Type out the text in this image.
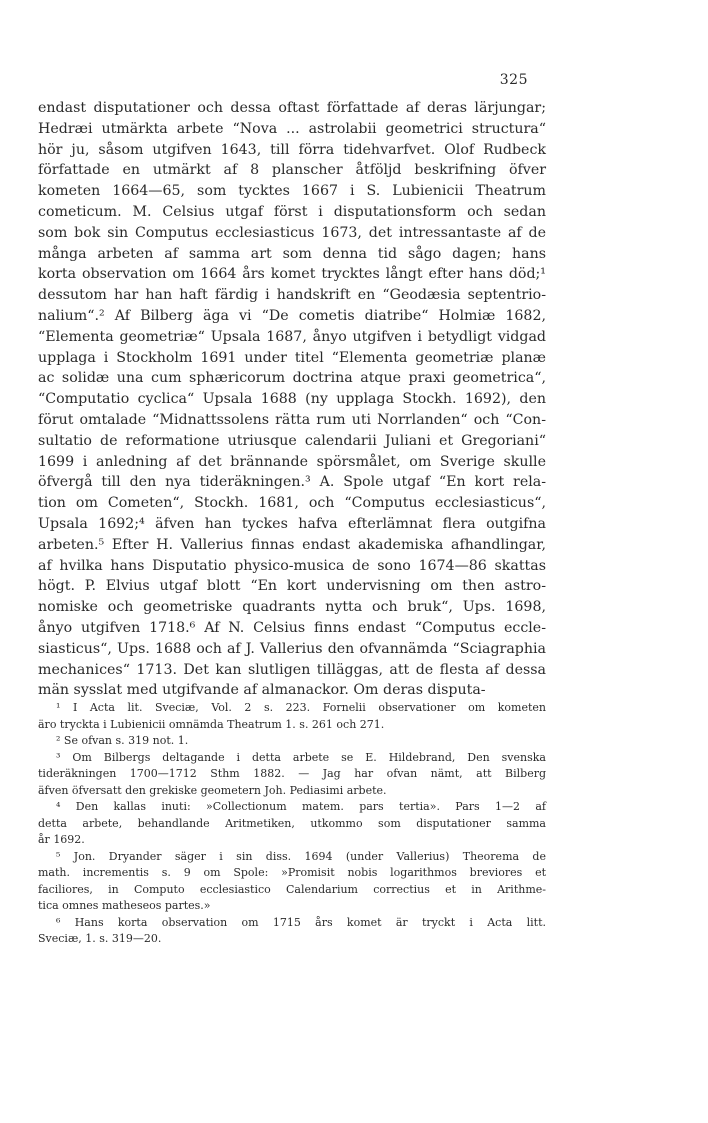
325
endast disputationer och dessa oftast författade af deras lärjungar;
Hedræi utmärkta arbete “Nova ... astrolabii geometrici structura“
hör ju, såsom utgifven 1643, till förra tidehvarfvet. Olof Rudbeck
författade en utmärkt af 8 planscher åtföljd beskrifning öfver
kometen 1664—65, som tycktes 1667 i S. Lubienicii Theatrum
cometicum. M. Celsius utgaf först i disputationsform och sedan
som bok sin Computus ecclesiasticus 1673, det intressantaste af de
många arbeten af samma art som denna tid sågo dagen; hans
korta observation om 1664 års komet trycktes långt efter hans död;¹
dessutom har han haft färdig i handskrift en “Geodæsia septentrio-
nalium“.² Af Bilberg äga vi “De cometis diatribe“ Holmiæ 1682,
“Elementa geometriæ“ Upsala 1687, ånyo utgifven i betydligt vidgad
upplaga i Stockholm 1691 under titel “Elementa geometriæ planæ
ac solidæ una cum sphæricorum doctrina atque praxi geometrica“,
“Computatio cyclica“ Upsala 1688 (ny upplaga Stockh. 1692), den
förut omtalade “Midnattssolens rätta rum uti Norrlanden“ och “Con-
sultatio de reformatione utriusque calendarii Juliani et Gregoriani“
1699 i anledning af det brännande spörsmålet, om Sverige skulle
öfvergå till den nya tideräkningen.³ A. Spole utgaf “En kort rela-
tion om Cometen“, Stockh. 1681, och “Computus ecclesiasticus“,
Upsala 1692;⁴ äfven han tyckes hafva efterlämnat flera outgifna
arbeten.⁵ Efter H. Vallerius finnas endast akademiska afhandlingar,
af hvilka hans Disputatio physico-musica de sono 1674—86 skattas
högt. P. Elvius utgaf blott “En kort undervisning om then astro-
nomiske och geometriske quadrants nytta och bruk“, Ups. 1698,
ånyo utgifven 1718.⁶ Af N. Celsius finns endast “Computus eccle-
siasticus“, Ups. 1688 och af J. Vallerius den ofvannämda “Sciagraphia
mechanices“ 1713. Det kan slutligen tilläggas, att de flesta af dessa
män sysslat med utgifvande af almanackor. Om deras disputa-
¹ I Acta lit. Sveciæ, Vol. 2 s. 223. Fornelii observationer om kometen
äro tryckta i Lubienicii omnämda Theatrum 1. s. 261 och 271.
² Se ofvan s. 319 not. 1.
³ Om Bilbergs deltagande i detta arbete se E. Hildebrand, Den svenska
tideräkningen 1700—1712 Sthm 1882. — Jag har ofvan nämt, att Bilberg
äfven öfversatt den grekiske geometern Joh. Pediasimi arbete.
⁴ Den kallas inuti: »Collectionum matem. pars tertia». Pars 1—2 af
detta arbete, behandlande Aritmetiken, utkommo som disputationer samma
år 1692.
⁵ Jon. Dryander säger i sin diss. 1694 (under Vallerius) Theorema de
math. incrementis s. 9 om Spole: »Promisit nobis logarithmos breviores et
faciliores, in Computo ecclesiastico Calendarium correctius et in Arithme-
tica omnes matheseos partes.»
⁶ Hans korta observation om 1715 års komet är tryckt i Acta litt.
Sveciæ, 1. s. 319—20.
